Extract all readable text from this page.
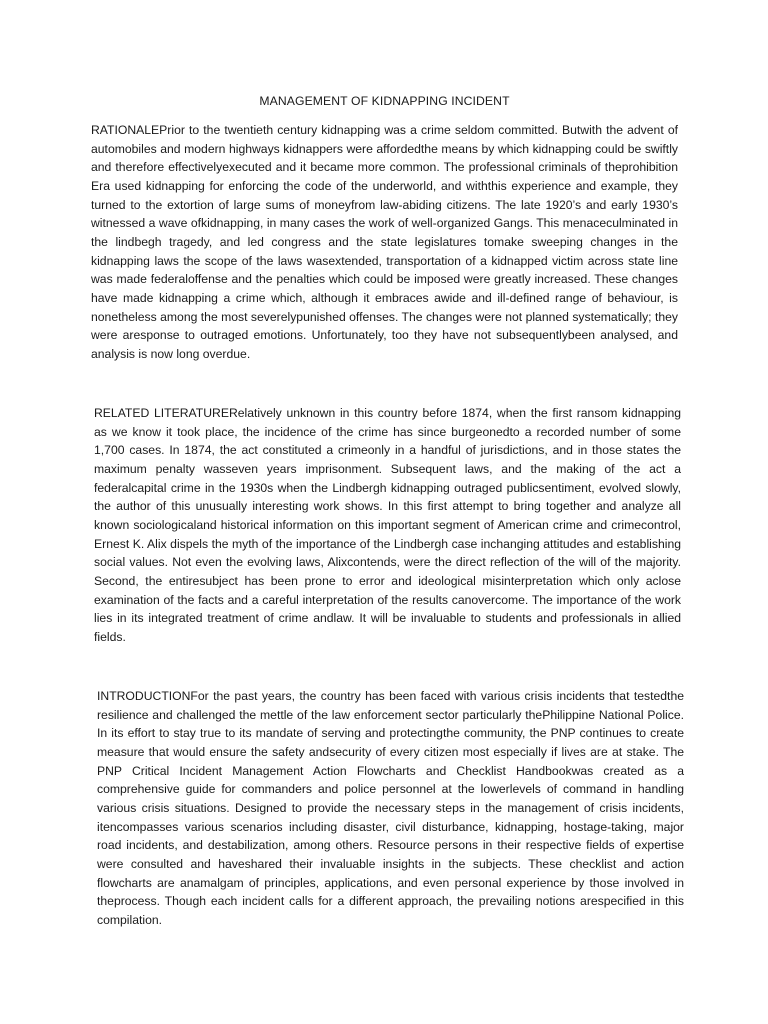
MANAGEMENT OF KIDNAPPING INCIDENT

RATIONALEPrior to the twentieth century kidnapping was a crime seldom committed. Butwith the advent of automobiles and modern highways kidnappers were affordedthe means by which kidnapping could be swiftly and therefore effectivelyexecuted and it became more common. The professional criminals of theprohibition Era used kidnapping for enforcing the code of the underworld, and withthis experience and example, they turned to the extortion of large sums of moneyfrom law-abiding citizens. The late 1920’s and early 1930’s witnessed a wave ofkidnapping, in many cases the work of well-organized Gangs. This menaceculminated in the lindbegh tragedy, and led congress and the state legislatures tomake sweeping changes in the kidnapping laws the scope of the laws wasextended, transportation of a kidnapped victim across state line was made federaloffense and the penalties which could be imposed were greatly increased. These changes have made kidnapping a crime which, although it embraces awide and ill-defined range of behaviour, is nonetheless among the most severelypunished offenses. The changes were not planned systematically; they were aresponse to outraged emotions. Unfortunately, too they have not subsequentlybeen analysed, and analysis is now long overdue.

RELATED LITERATURERelatively unknown in this country before 1874, when the first ransom kidnapping as we know it took place, the incidence of the crime has since burgeonedto a recorded number of some 1,700 cases. In 1874, the act constituted a crimeonly in a handful of jurisdictions, and in those states the maximum penalty wasseven years imprisonment. Subsequent laws, and the making of the act a federalcapital crime in the 1930s when the Lindbergh kidnapping outraged publicsentiment, evolved slowly, the author of this unusually interesting work shows. In this first attempt to bring together and analyze all known sociologicaland historical information on this important segment of American crime and crimecontrol, Ernest K. Alix dispels the myth of the importance of the Lindbergh case inchanging attitudes and establishing social values. Not even the evolving laws, Alixcontends, were the direct reflection of the will of the majority. Second, the entiresubject has been prone to error and ideological misinterpretation which only aclose examination of the facts and a careful interpretation of the results canovercome. The importance of the work lies in its integrated treatment of crime andlaw. It will be invaluable to students and professionals in allied fields.

INTRODUCTIONFor the past years, the country has been faced with various crisis incidents that testedthe resilience and challenged the mettle of the law enforcement sector particularly thePhilippine National Police. In its effort to stay true to its mandate of serving and protectingthe community, the PNP continues to create measure that would ensure the safety andsecurity of every citizen most especially if lives are at stake. The PNP Critical Incident Management Action Flowcharts and Checklist Handbookwas created as a comprehensive guide for commanders and police personnel at the lowerlevels of command in handling various crisis situations. Designed to provide the necessary steps in the management of crisis incidents, itencompasses various scenarios including disaster, civil disturbance, kidnapping, hostage-taking, major road incidents, and destabilization, among others. Resource persons in their respective fields of expertise were consulted and haveshared their invaluable insights in the subjects. These checklist and action flowcharts are anamalgam of principles, applications, and even personal experience by those involved in theprocess. Though each incident calls for a different approach, the prevailing notions arespecified in this compilation.
